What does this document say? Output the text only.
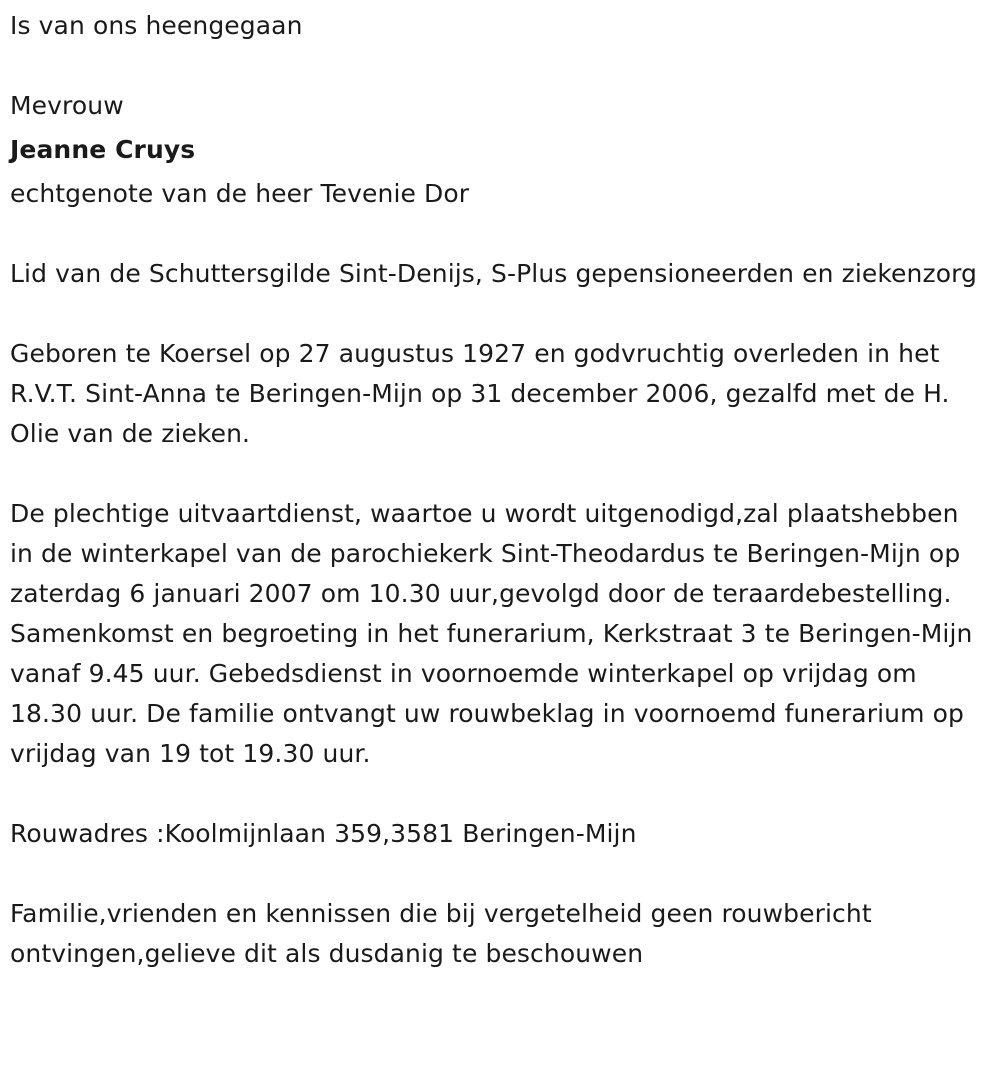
Is van ons heengegaan

Mevrouw

Jeanne Cruys

echtgenote van de heer Tevenie Dor

Lid van de Schuttersgilde Sint-Denijs, S-Plus gepensioneerden en ziekenzorg

Geboren te Koersel op 27 augustus 1927 en godvruchtig overleden in het R.V.T. Sint-Anna te Beringen-Mijn op 31 december 2006, gezalfd met de H. Olie van de zieken.

De plechtige uitvaartdienst, waartoe u wordt uitgenodigd,zal plaatshebben in de winterkapel van de parochiekerk Sint-Theodardus te Beringen-Mijn op zaterdag 6 januari 2007 om 10.30 uur,gevolgd door de teraardebestelling. Samenkomst en begroeting in het funerarium, Kerkstraat 3 te Beringen-Mijn vanaf 9.45 uur. Gebedsdienst in voornoemde winterkapel op vrijdag om 18.30 uur. De familie ontvangt uw rouwbeklag in voornoemd funerarium op vrijdag van 19 tot 19.30 uur.

Rouwadres :Koolmijnlaan 359,3581 Beringen-Mijn

Familie,vrienden en kennissen die bij vergetelheid geen rouwbericht ontvingen,gelieve dit als dusdanig te beschouwen
